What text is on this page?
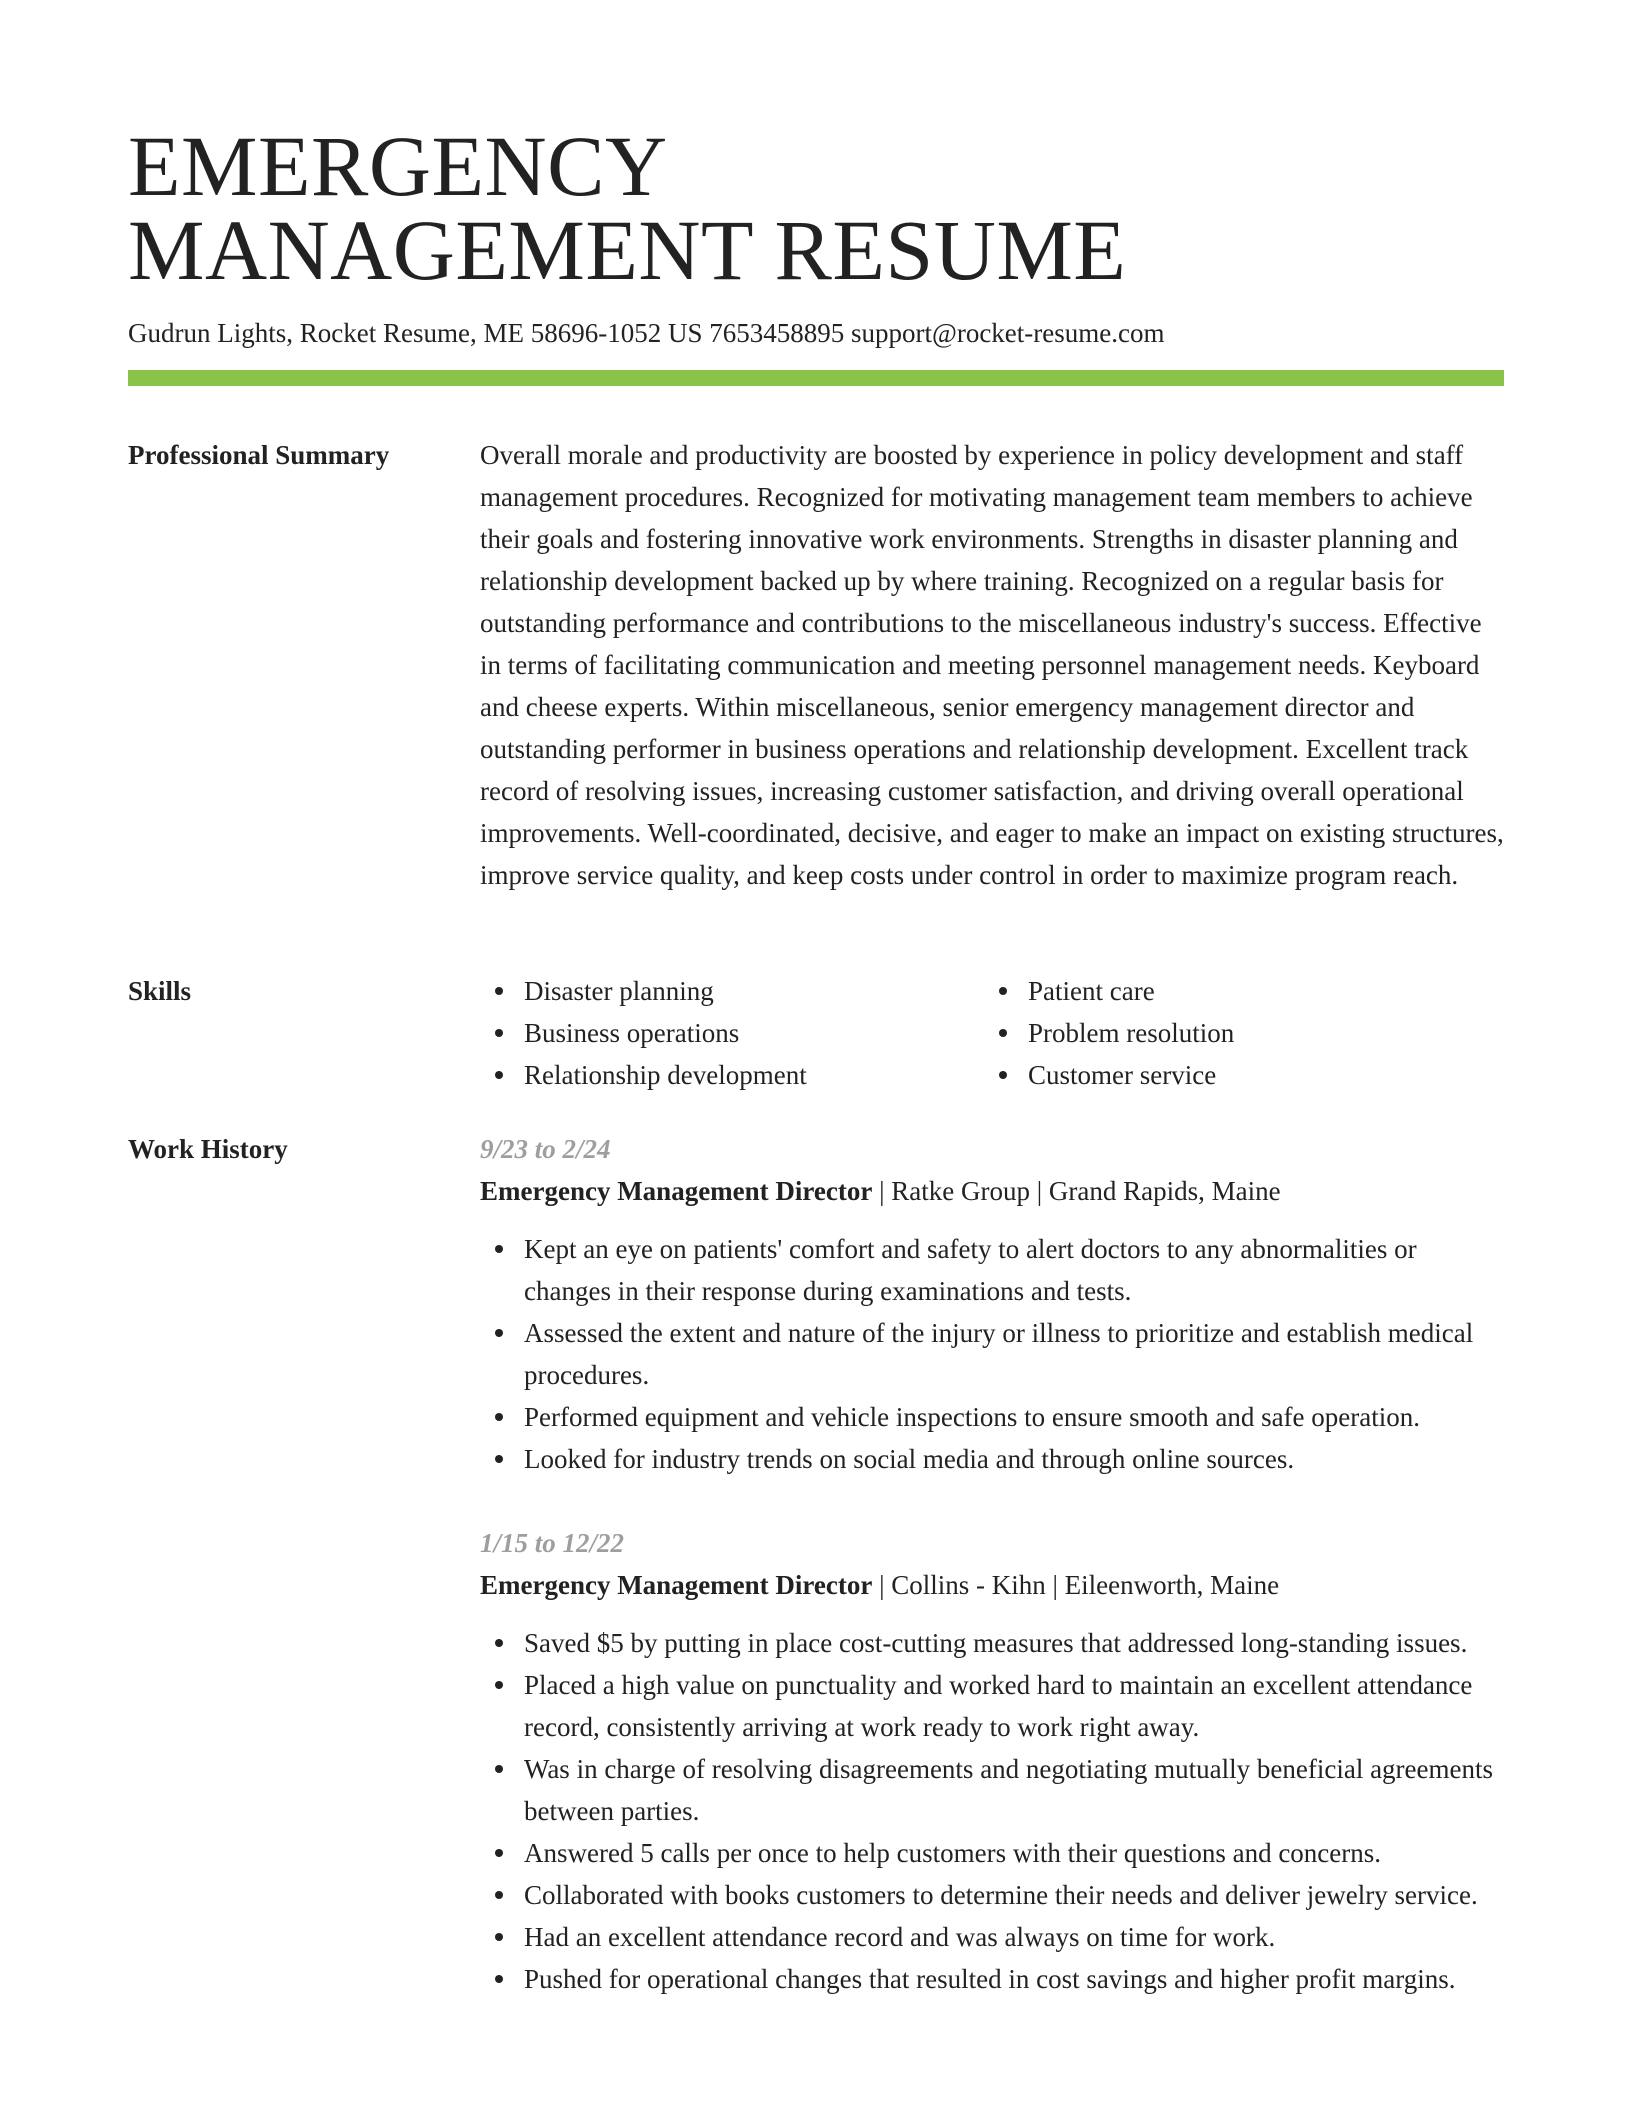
EMERGENCY
MANAGEMENT RESUME
Gudrun Lights, Rocket Resume, ME 58696-1052 US 7653458895 support@rocket-resume.com
Professional Summary	Overall morale and productivity are boosted by experience in policy development and staff management procedures. Recognized for motivating management team members to achieve their goals and fostering innovative work environments. Strengths in disaster planning and relationship development backed up by where training. Recognized on a regular basis for outstanding performance and contributions to the miscellaneous industry's success. Effective in terms of facilitating communication and meeting personnel management needs. Keyboard and cheese experts. Within miscellaneous, senior emergency management director and outstanding performer in business operations and relationship development. Excellent track record of resolving issues, increasing customer satisfaction, and driving overall operational improvements. Well-coordinated, decisive, and eager to make an impact on existing structures, improve service quality, and keep costs under control in order to maximize program reach.

Skills	Disaster planning
Business operations
Relationship development
Patient care
Problem resolution
Customer service
Work History	9/23 to 2/24
Emergency Management Director | Ratke Group | Grand Rapids, Maine
Kept an eye on patients' comfort and safety to alert doctors to any abnormalities or changes in their response during examinations and tests.
Assessed the extent and nature of the injury or illness to prioritize and establish medical procedures.
Performed equipment and vehicle inspections to ensure smooth and safe operation.
Looked for industry trends on social media and through online sources.
1/15 to 12/22
Emergency Management Director | Collins - Kihn | Eileenworth, Maine
Saved $5 by putting in place cost-cutting measures that addressed long-standing issues.
Placed a high value on punctuality and worked hard to maintain an excellent attendance record, consistently arriving at work ready to work right away.
Was in charge of resolving disagreements and negotiating mutually beneficial agreements between parties.
Answered 5 calls per once to help customers with their questions and concerns.
Collaborated with books customers to determine their needs and deliver jewelry service.
Had an excellent attendance record and was always on time for work.
Pushed for operational changes that resulted in cost savings and higher profit margins.
